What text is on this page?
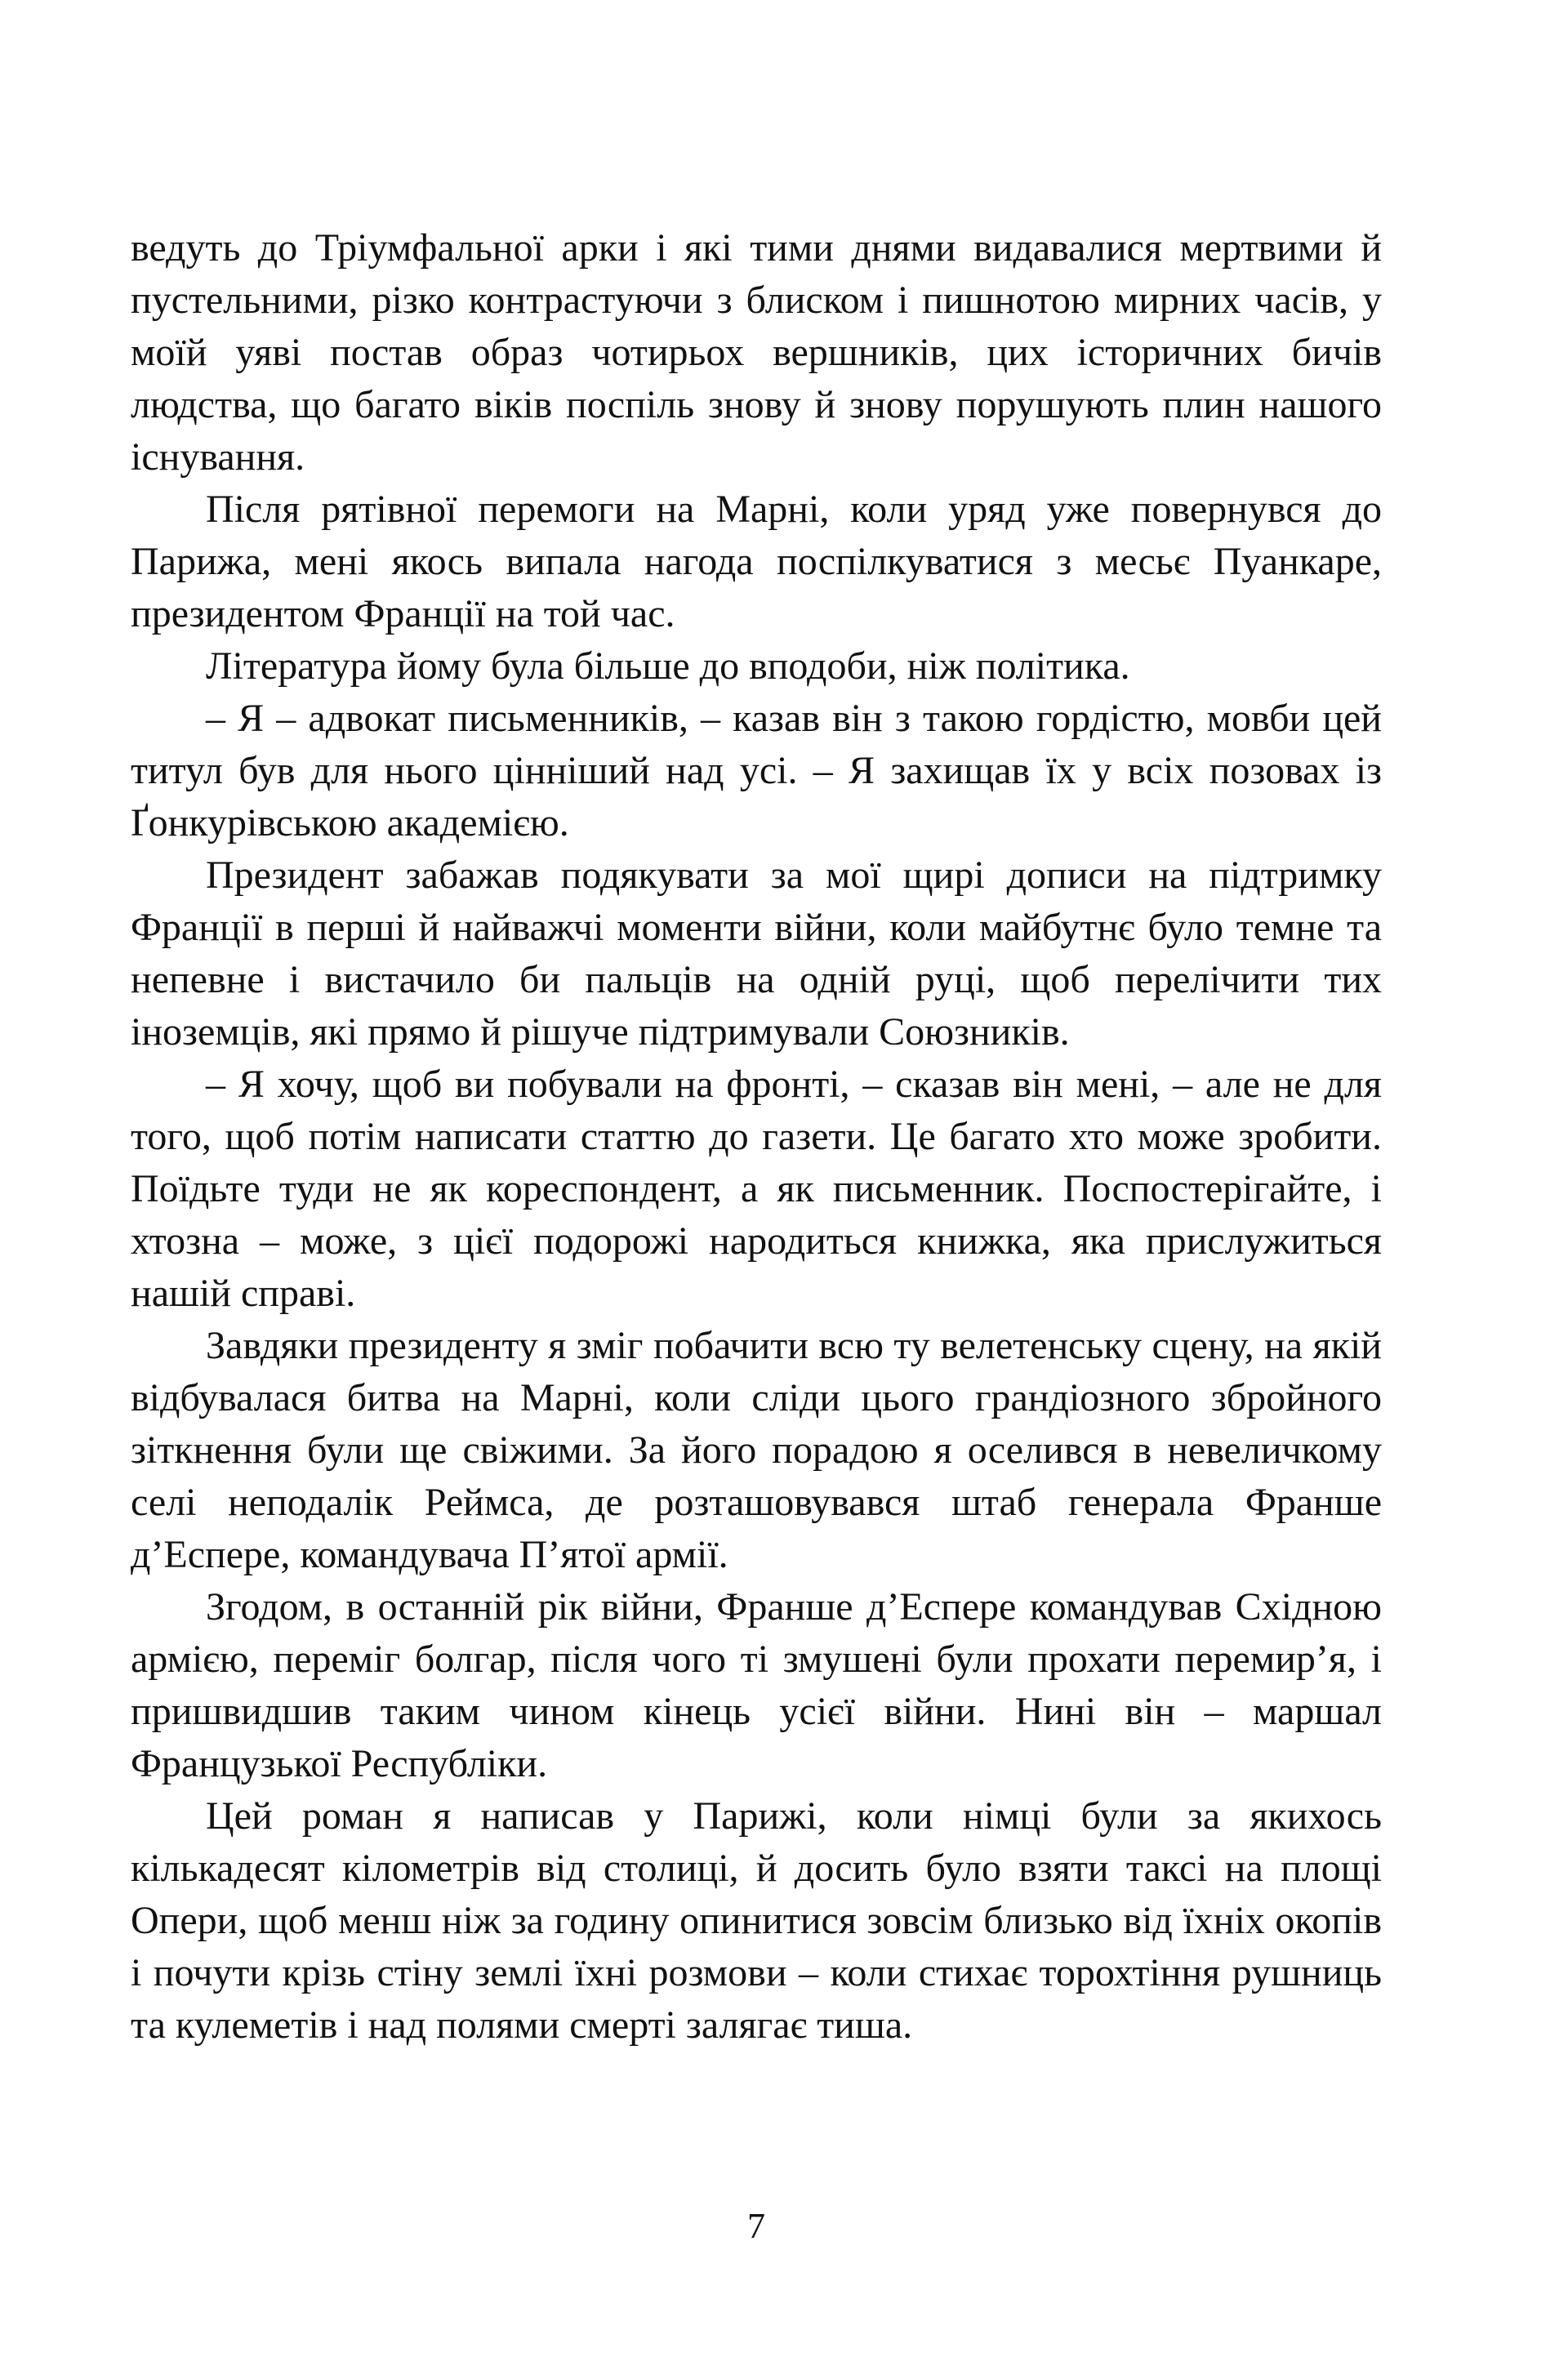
ведуть до Тріумфальної арки і які тими днями видавалися мертвими й пустельними, різко контрастуючи з блиском і пишнотою мирних часів, у моїй уяві постав образ чотирьох вершників, цих історичних бичів людства, що багато віків поспіль знову й знову порушують плин нашого існування.

Після рятівної перемоги на Марні, коли уряд уже повернувся до Парижа, мені якось випала нагода поспілкуватися з месьє Пуанкаре, президентом Франції на той час.

Література йому була більше до вподоби, ніж політика.

– Я – адвокат письменників, – казав він з такою гордістю, мовби цей титул був для нього цінніший над усі. – Я захищав їх у всіх позовах із Ґонкурівською академією.

Президент забажав подякувати за мої щирі дописи на підтримку Франції в перші й найважчі моменти війни, коли майбутнє було темне та непевне і вистачило би пальців на одній руці, щоб перелічити тих іноземців, які прямо й рішуче підтримували Союзників.

– Я хочу, щоб ви побували на фронті, – сказав він мені, – але не для того, щоб потім написати статтю до газети. Це багато хто може зробити. Поїдьте туди не як кореспондент, а як письменник. Поспостерігайте, і хтозна – може, з цієї подорожі народиться книжка, яка прислужиться нашій справі.

Завдяки президенту я зміг побачити всю ту велетенську сцену, на якій відбувалася битва на Марні, коли сліди цього грандіозного збройного зіткнення були ще свіжими. За його порадою я оселився в невеличкому селі неподалік Реймса, де розташовувався штаб генерала Франше д’Еспере, командувача П’ятої армії.

Згодом, в останній рік війни, Франше д’Еспере командував Східною армією, переміг болгар, після чого ті змушені були прохати перемир’я, і пришвидшив таким чином кінець усієї війни. Нині він – маршал Французької Республіки.

Цей роман я написав у Парижі, коли німці були за якихось кількадесят кілометрів від столиці, й досить було взяти таксі на площі Опери, щоб менш ніж за годину опинитися зовсім близько від їхніх окопів і почути крізь стіну землі їхні розмови – коли стихає торохтіння рушниць та кулеметів і над полями смерті залягає тиша.

7
